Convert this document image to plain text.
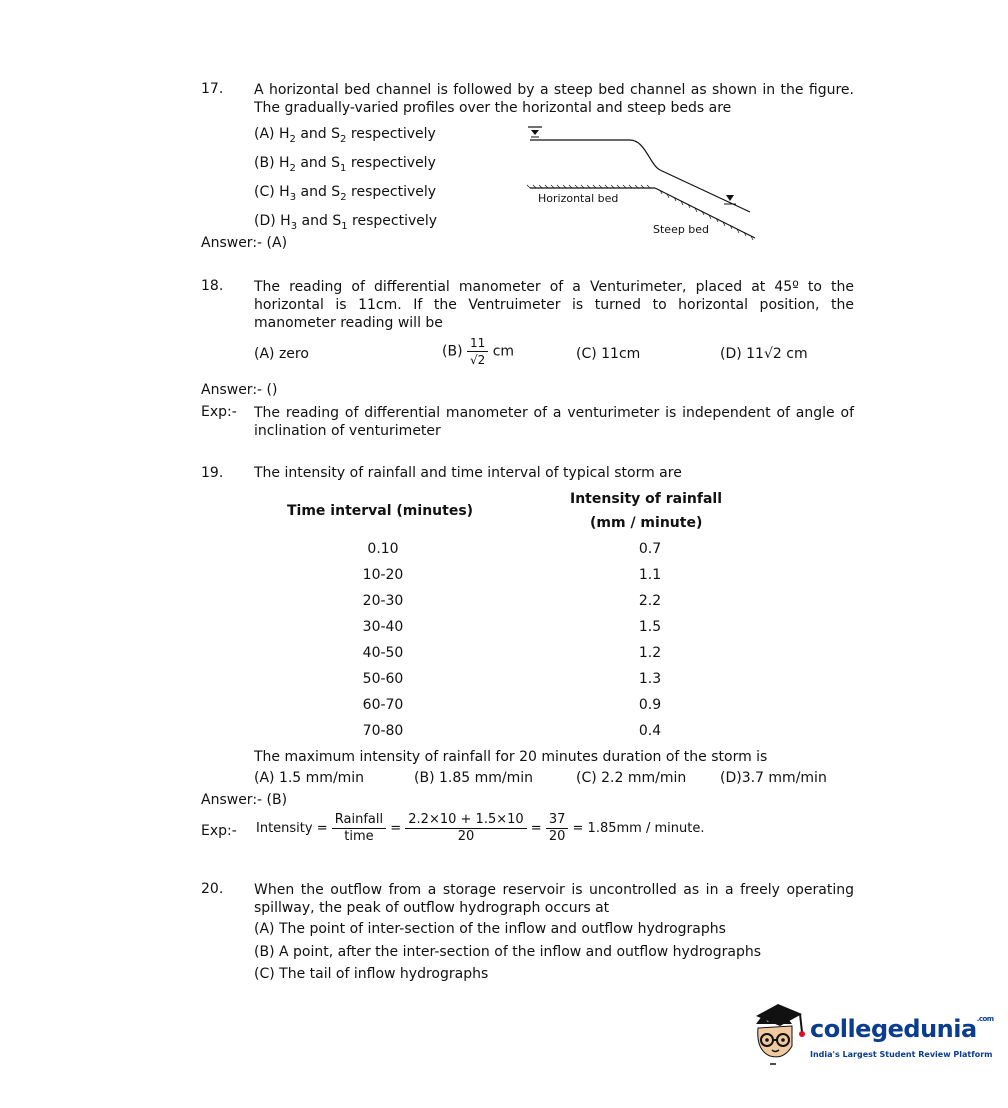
17. A horizontal bed channel is followed by a steep bed channel as shown in the figure. The gradually-varied profiles over the horizontal and steep beds are
(A) $H_2$ and $S_2$ respectively
(B) $H_2$ and $S_1$ respectively
(C) $H_3$ and $S_2$ respectively
(D) $H_3$ and $S_1$ respectively
Answer:- (A)
Horizontal bed
Steep bed
18. The reading of differential manometer of a Venturimeter, placed at 45º to the horizontal is 11cm. If the Ventruimeter is turned to horizontal position, the manometer reading will be
(A) zero	$(B) \frac{11}{√2}$ cm	(C) 11cm	(D) 11√2 cm
Answer:- ()
Exp:- The reading of differential manometer of a venturimeter is independent of angle of inclination of venturimeter
19. The intensity of rainfall and time interval of typical storm are
Time interval (minutes)
Intensity of rainfall
(mm / minute)
0.10	0.7
10-20	1.1
20-30	2.2
30-40	1.5
40-50	1.2
50-60	1.3
60-70	0.9
70-80	0.4
The maximum intensity of rainfall for 20 minutes duration of the storm is
(A) 1.5 mm/min	(B) 1.85 mm/min	(C) 2.2 mm/min (D)3.7 mm/min
Answer:- (B)
Exp:- Intensity = $\frac{\text{Rainfall}}{\text{time}} = \frac{2.2\times 10 + 1.5\times 10}{20} = \frac{37}{20} = 1.85mm$ / minute.
20. When the outflow from a storage reservoir is uncontrolled as in a freely operating spillway, the peak of outflow hydrograph occurs at
(A) The point of inter-section of the inflow and outflow hydrographs
(B) A point, after the inter-section of the inflow and outflow hydrographs
(C) The tail of inflow hydrographs
collegedunia$^{.com}$
India's Largest Student Review Platform
